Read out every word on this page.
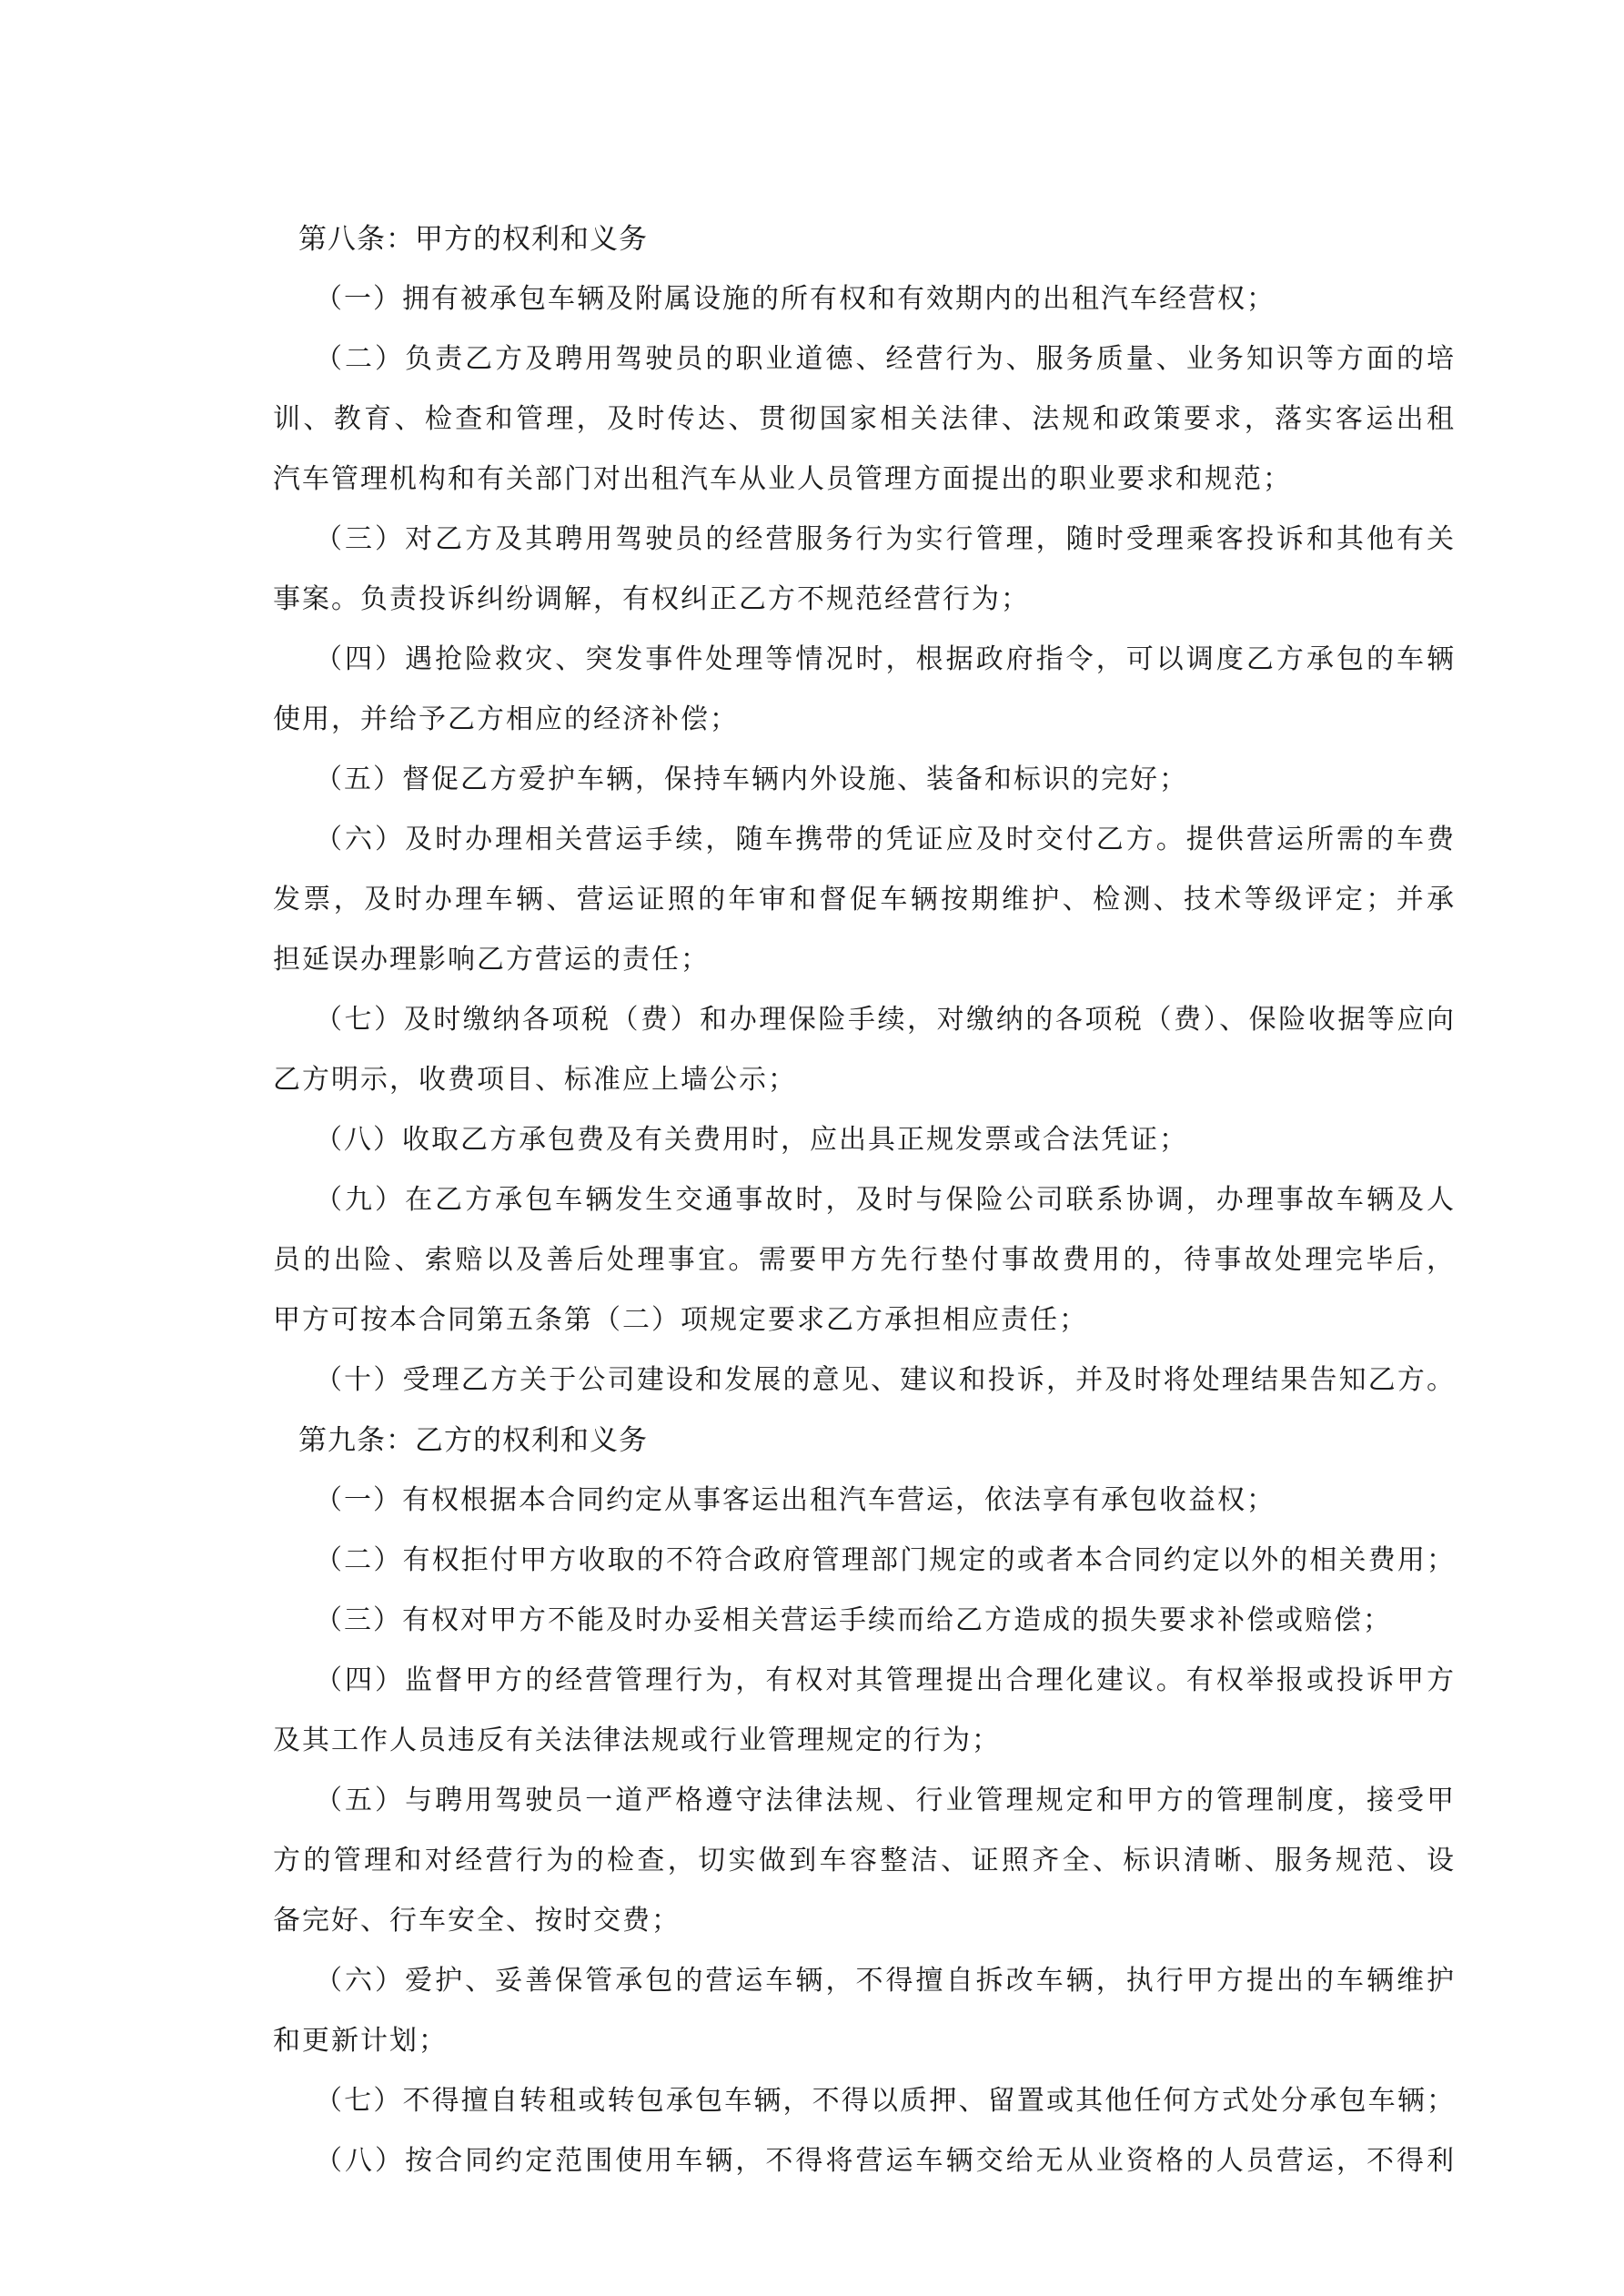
第八条：甲方的权利和义务
（一）拥有被承包车辆及附属设施的所有权和有效期内的出租汽车经营权；
（二）负责乙方及聘用驾驶员的职业道德、经营行为、服务质量、业务知识等方面的培
训、教育、检查和管理，及时传达、贯彻国家相关法律、法规和政策要求，落实客运出租
汽车管理机构和有关部门对出租汽车从业人员管理方面提出的职业要求和规范；
（三）对乙方及其聘用驾驶员的经营服务行为实行管理，随时受理乘客投诉和其他有关
事案。负责投诉纠纷调解，有权纠正乙方不规范经营行为；
（四）遇抢险救灾、突发事件处理等情况时，根据政府指令，可以调度乙方承包的车辆
使用，并给予乙方相应的经济补偿；
（五）督促乙方爱护车辆，保持车辆内外设施、装备和标识的完好；
（六）及时办理相关营运手续，随车携带的凭证应及时交付乙方。提供营运所需的车费
发票，及时办理车辆、营运证照的年审和督促车辆按期维护、检测、技术等级评定；并承
担延误办理影响乙方营运的责任；
（七）及时缴纳各项税（费）和办理保险手续，对缴纳的各项税（费）、保险收据等应向
乙方明示，收费项目、标准应上墙公示；
（八）收取乙方承包费及有关费用时，应出具正规发票或合法凭证；
（九）在乙方承包车辆发生交通事故时，及时与保险公司联系协调，办理事故车辆及人
员的出险、索赔以及善后处理事宜。需要甲方先行垫付事故费用的，待事故处理完毕后，
甲方可按本合同第五条第（二）项规定要求乙方承担相应责任；
（十）受理乙方关于公司建设和发展的意见、建议和投诉，并及时将处理结果告知乙方。
第九条：乙方的权利和义务
（一）有权根据本合同约定从事客运出租汽车营运，依法享有承包收益权；
（二）有权拒付甲方收取的不符合政府管理部门规定的或者本合同约定以外的相关费用；
（三）有权对甲方不能及时办妥相关营运手续而给乙方造成的损失要求补偿或赔偿；
（四）监督甲方的经营管理行为，有权对其管理提出合理化建议。有权举报或投诉甲方
及其工作人员违反有关法律法规或行业管理规定的行为；
（五）与聘用驾驶员一道严格遵守法律法规、行业管理规定和甲方的管理制度，接受甲
方的管理和对经营行为的检查，切实做到车容整洁、证照齐全、标识清晰、服务规范、设
备完好、行车安全、按时交费；
（六）爱护、妥善保管承包的营运车辆，不得擅自拆改车辆，执行甲方提出的车辆维护
和更新计划；
（七）不得擅自转租或转包承包车辆，不得以质押、留置或其他任何方式处分承包车辆；
（八）按合同约定范围使用车辆，不得将营运车辆交给无从业资格的人员营运，不得利
